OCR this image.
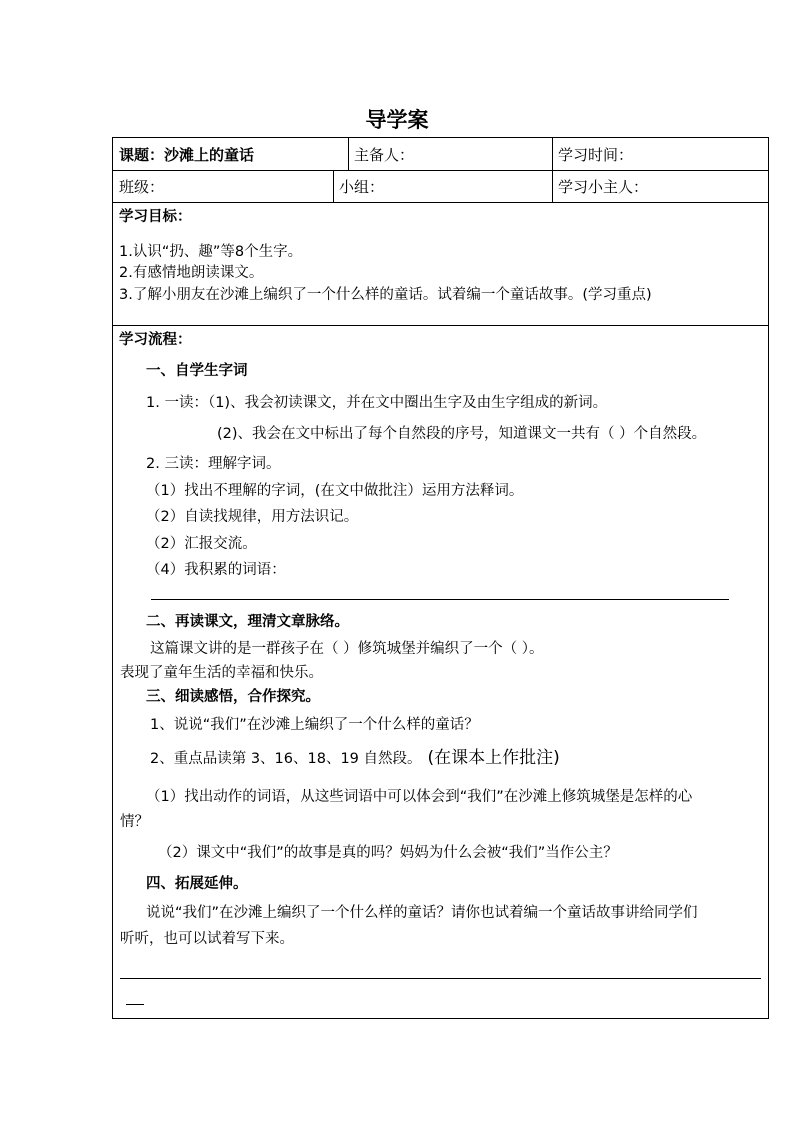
导学案
课题：沙滩上的童话	主备人：	学习时间：
班级：	小组：	学习小主人：
学习目标：
1.认识“扔、趣”等8个生字。
2.有感情地朗读课文。
3.了解小朋友在沙滩上编织了一个什么样的童话。试着编一个童话故事。(学习重点)
学习流程：
一、自学生字词
1. 一读：（1)、我会初读课文，并在文中圈出生字及由生字组成的新词。
(2)、我会在文中标出了每个自然段的序号，知道课文一共有（ ）个自然段。
2. 三读：理解字词。
（1）找出不理解的字词，(在文中做批注）运用方法释词。
（2）自读找规律，用方法识记。
（2）汇报交流。
（4）我积累的词语：
二、再读课文，理清文章脉络。
这篇课文讲的是一群孩子在（ ）修筑城堡并编织了一个（ ）。
表现了童年生活的幸福和快乐。
三、细读感悟，合作探究。
1、说说“我们”在沙滩上编织了一个什么样的童话？
2、重点品读第 3、16、18、19 自然段。 (在课本上作批注)
（1）找出动作的词语，从这些词语中可以体会到“我们”在沙滩上修筑城堡是怎样的心
情？
（2）课文中“我们”的故事是真的吗？妈妈为什么会被“我们”当作公主？
四、拓展延伸。
说说“我们”在沙滩上编织了一个什么样的童话？请你也试着编一个童话故事讲给同学们
听听，也可以试着写下来。
